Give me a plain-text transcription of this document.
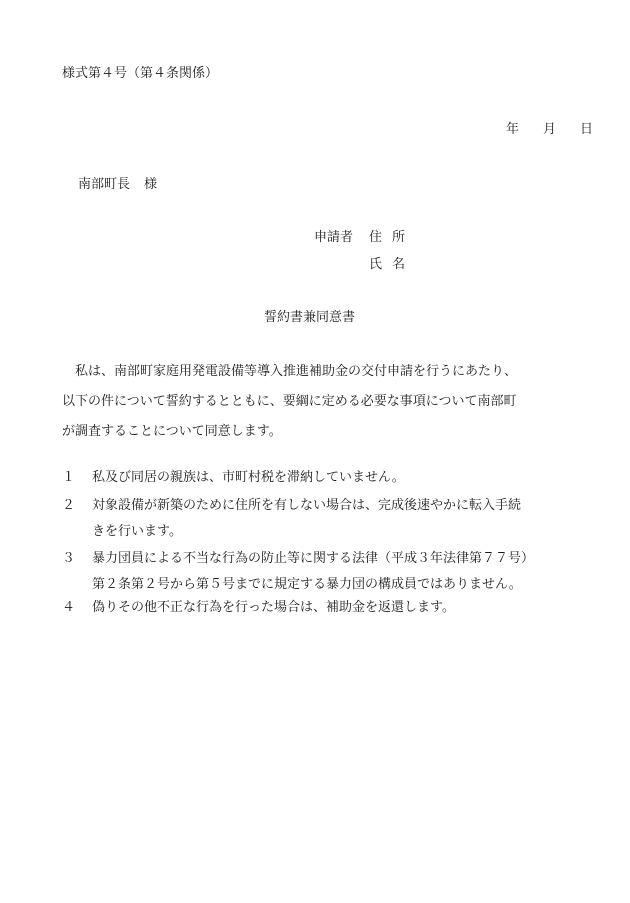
様式第４号（第４条関係）
年 月 日
南部町長 様
申請者 住 所
氏 名
誓約書兼同意書
　私は、南部町家庭用発電設備等導入推進補助金の交付申請を行うにあたり、
以下の件について誓約するとともに、要綱に定める必要な事項について南部町
が調査することについて同意します。
１ 私及び同居の親族は、市町村税を滞納していません。
２ 対象設備が新築のために住所を有しない場合は、完成後速やかに転入手続
きを行います。
３ 暴力団員による不当な行為の防止等に関する法律（平成３年法律第７７号）
第２条第２号から第５号までに規定する暴力団の構成員ではありません。
４ 偽りその他不正な行為を行った場合は、補助金を返還します。
